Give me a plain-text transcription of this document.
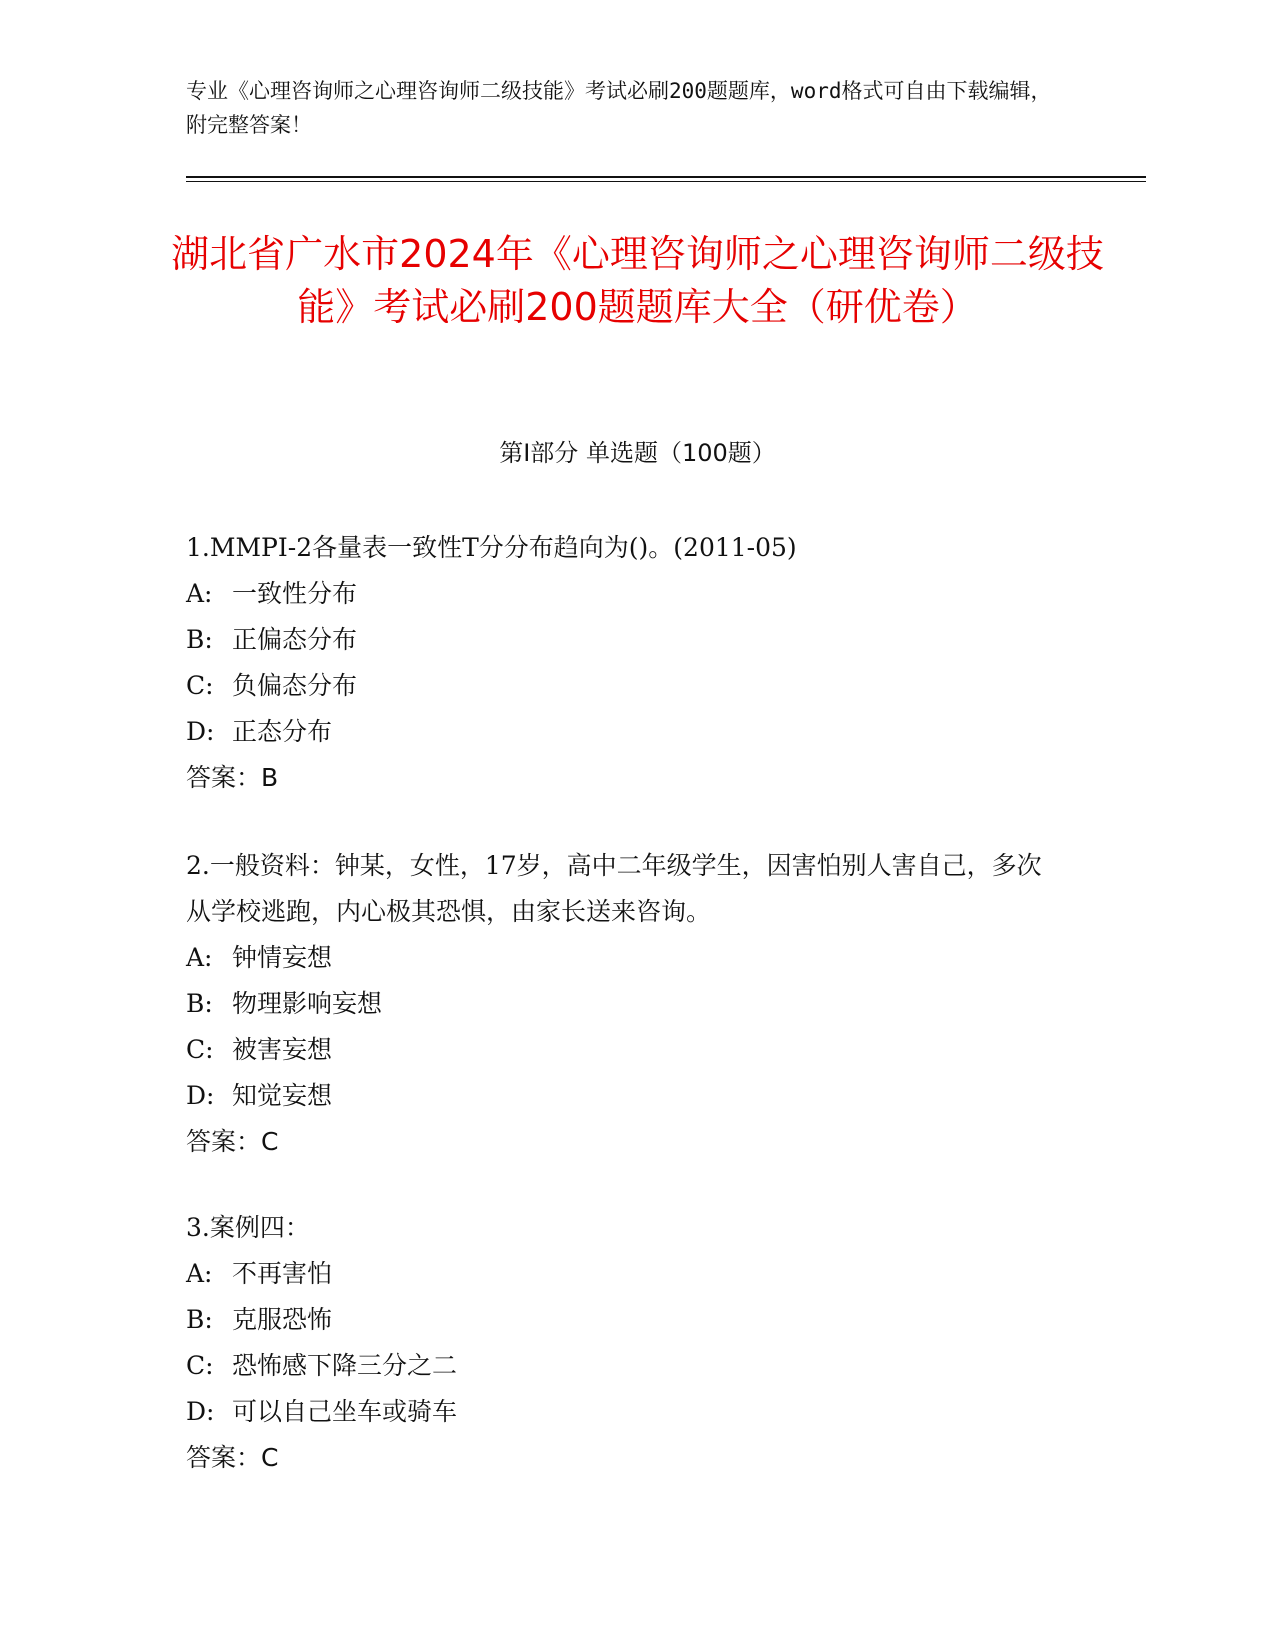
专业《心理咨询师之心理咨询师二级技能》考试必刷200题题库，word格式可自由下载编辑，附完整答案！
湖北省广水市2024年《心理咨询师之心理咨询师二级技能》考试必刷200题题库大全（研优卷）
第Ⅰ部分 单选题（100题）
1.MMPI-2各量表一致性T分分布趋向为()。(2011-05)
A: 一致性分布
B: 正偏态分布
C: 负偏态分布
D: 正态分布
答案：B
2.一般资料：钟某，女性，17岁，高中二年级学生，因害怕别人害自己，多次从学校逃跑，内心极其恐惧，由家长送来咨询。
A: 钟情妄想
B: 物理影响妄想
C: 被害妄想
D: 知觉妄想
答案：C
3.案例四：
A: 不再害怕
B: 克服恐怖
C: 恐怖感下降三分之二
D: 可以自己坐车或骑车
答案：C
